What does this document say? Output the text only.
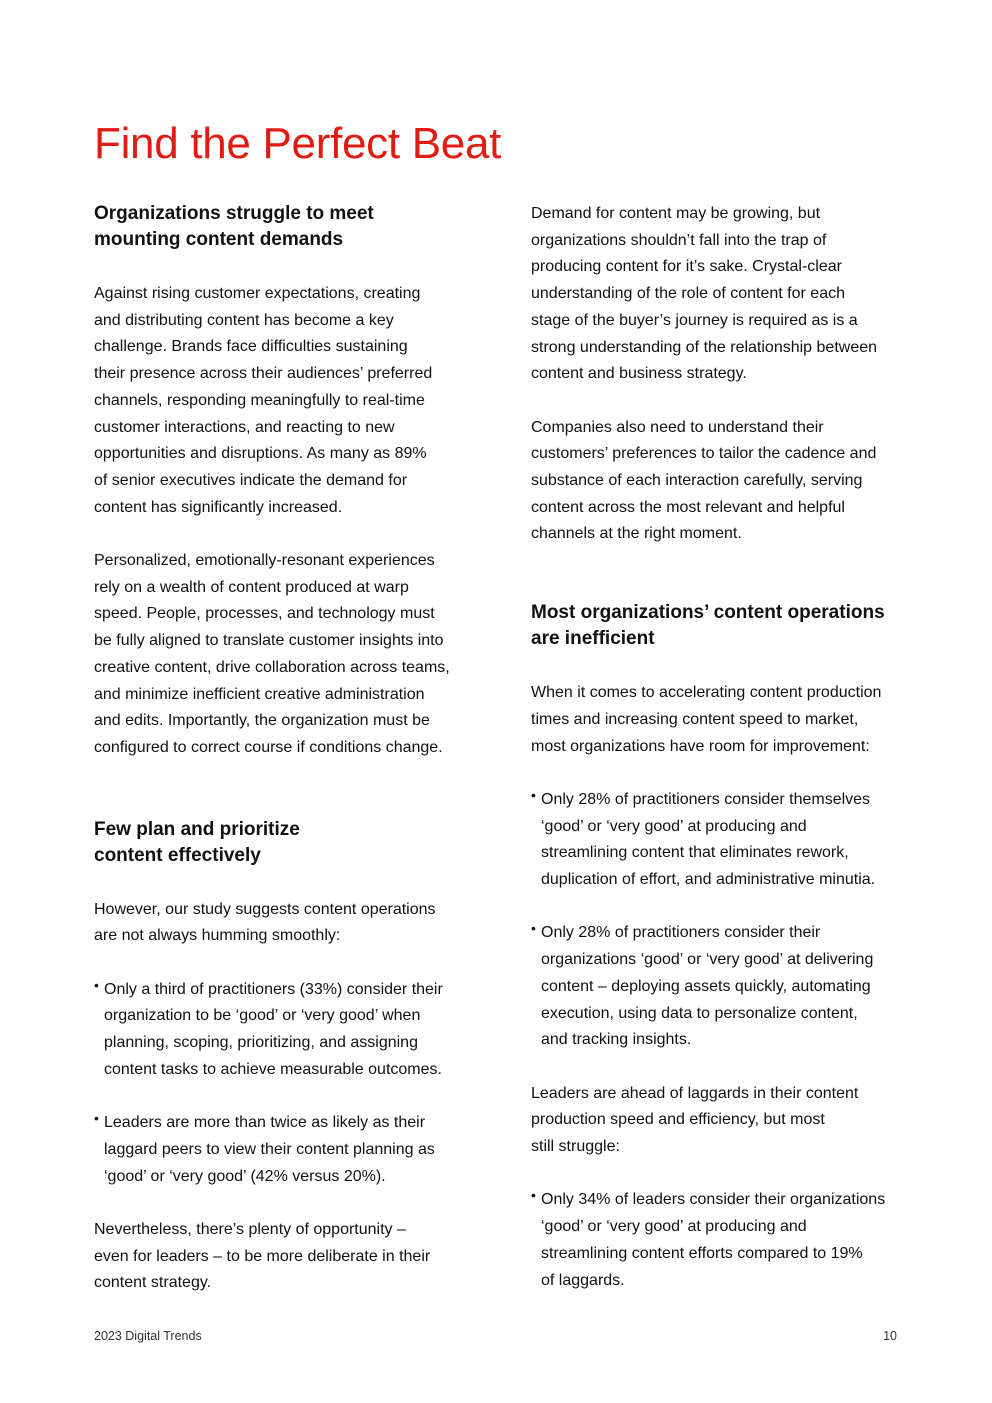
Find the Perfect Beat
Organizations struggle to meet
mounting content demands
Against rising customer expectations, creating
and distributing content has become a key
challenge. Brands face difficulties sustaining
their presence across their audiences’ preferred
channels, responding meaningfully to real-time
customer interactions, and reacting to new
opportunities and disruptions. As many as 89%
of senior executives indicate the demand for
content has significantly increased.
Personalized, emotionally-resonant experiences
rely on a wealth of content produced at warp
speed. People, processes, and technology must
be fully aligned to translate customer insights into
creative content, drive collaboration across teams,
and minimize inefficient creative administration
and edits. Importantly, the organization must be
configured to correct course if conditions change.
Few plan and prioritize
content effectively
However, our study suggests content operations
are not always humming smoothly:
• Only a third of practitioners (33%) consider their
organization to be ‘good’ or ‘very good’ when
planning, scoping, prioritizing, and assigning
content tasks to achieve measurable outcomes.
• Leaders are more than twice as likely as their
laggard peers to view their content planning as
‘good’ or ‘very good’ (42% versus 20%).
Nevertheless, there’s plenty of opportunity –
even for leaders – to be more deliberate in their
content strategy.
Demand for content may be growing, but
organizations shouldn’t fall into the trap of
producing content for it’s sake. Crystal-clear
understanding of the role of content for each
stage of the buyer’s journey is required as is a
strong understanding of the relationship between
content and business strategy.
Companies also need to understand their
customers’ preferences to tailor the cadence and
substance of each interaction carefully, serving
content across the most relevant and helpful
channels at the right moment.
Most organizations’ content operations
are inefficient
When it comes to accelerating content production
times and increasing content speed to market,
most organizations have room for improvement:
• Only 28% of practitioners consider themselves
‘good’ or ‘very good’ at producing and
streamlining content that eliminates rework,
duplication of effort, and administrative minutia.
• Only 28% of practitioners consider their
organizations ‘good’ or ‘very good’ at delivering
content – deploying assets quickly, automating
execution, using data to personalize content,
and tracking insights.
Leaders are ahead of laggards in their content
production speed and efficiency, but most
still struggle:
• Only 34% of leaders consider their organizations
‘good’ or ‘very good’ at producing and
streamlining content efforts compared to 19%
of laggards.
2023 Digital Trends	10
